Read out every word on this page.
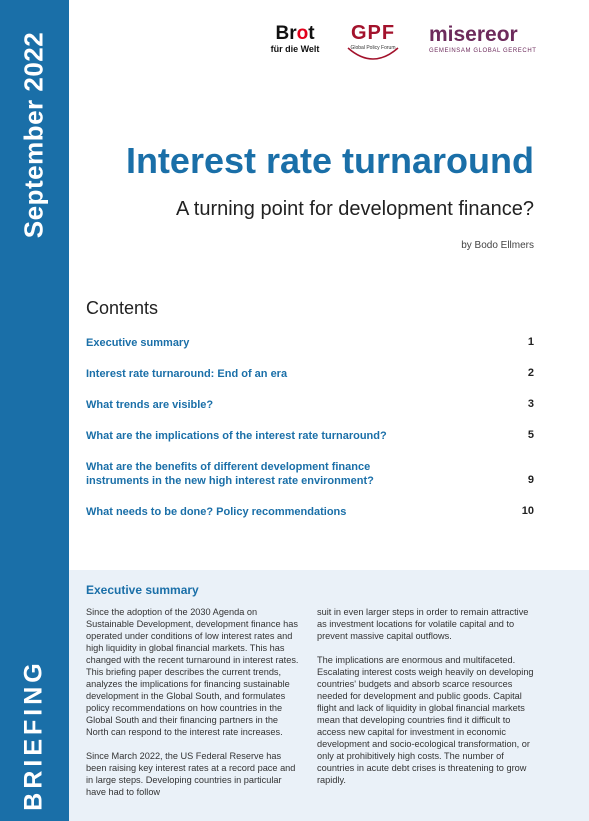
September 2022
BRIEFING
Brot
für die Welt
GPF
Global Policy Forum
misereor
GEMEINSAM GLOBAL GERECHT
Interest rate turnaround
A turning point for development finance?
by Bodo Ellmers
Contents
Executive summary	1
Interest rate turnaround: End of an era	2
What trends are visible?	3
What are the implications of the interest rate turnaround?	5
What are the benefits of different development finance instruments in the new high interest rate environment?	9
What needs to be done? Policy recommendations	10
Executive summary

Since the adoption of the 2030 Agenda on Sustainable Development, development finance has operated under conditions of low interest rates and high liquidity in global financial markets. This has changed with the recent turnaround in interest rates. This briefing paper describes the current trends, analyzes the implications for financing sustainable development in the Global South, and formulates policy recommendations on how countries in the Global South and their financing partners in the North can respond to the interest rate increases.

Since March 2022, the US Federal Reserve has been raising key interest rates at a record pace and in large steps. Developing countries in particular have had to follow

suit in even larger steps in order to remain attractive as investment locations for volatile capital and to prevent massive capital outflows.

The implications are enormous and multifaceted. Escalating interest costs weigh heavily on developing countries' budgets and absorb scarce resources needed for development and public goods. Capital flight and lack of liquidity in global financial markets mean that developing countries find it difficult to access new capital for investment in economic development and socio-ecological transformation, or only at prohibitively high costs. The number of countries in acute debt crises is threatening to grow rapidly.
